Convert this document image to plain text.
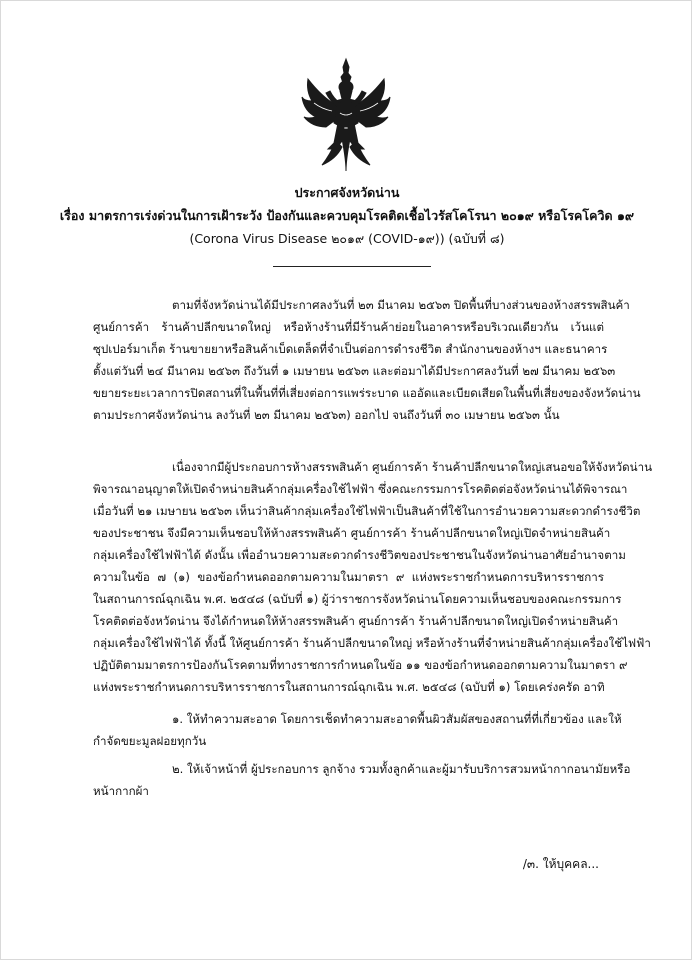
ประกาศจังหวัดน่าน
เรื่อง มาตรการเร่งด่วนในการเฝ้าระวัง ป้องกันและควบคุมโรคติดเชื้อไวรัสโคโรนา ๒๐๑๙ หรือโรคโควิด ๑๙
(Corona Virus Disease ๒๐๑๙ (COVID-๑๙)) (ฉบับที่ ๘)
ตามที่จังหวัดน่านได้มีประกาศลงวันที่ ๒๓ มีนาคม ๒๕๖๓ ปิดพื้นที่บางส่วนของห้างสรรพสินค้า
ศูนย์การค้า ร้านค้าปลีกขนาดใหญ่ หรือห้างร้านที่มีร้านค้าย่อยในอาคารหรือบริเวณเดียวกัน เว้นแต่
ซุปเปอร์มาเก็ต ร้านขายยาหรือสินค้าเบ็ดเตล็ดที่จำเป็นต่อการดำรงชีวิต สำนักงานของห้างฯ และธนาคาร
ตั้งแต่วันที่ ๒๔ มีนาคม ๒๕๖๓ ถึงวันที่ ๑ เมษายน ๒๕๖๓ และต่อมาได้มีประกาศลงวันที่ ๒๗ มีนาคม ๒๕๖๓
ขยายระยะเวลาการปิดสถานที่ในพื้นที่ที่เสี่ยงต่อการแพร่ระบาด แออัดและเบียดเสียดในพื้นที่เสี่ยงของจังหวัดน่าน
ตามประกาศจังหวัดน่าน ลงวันที่ ๒๓ มีนาคม ๒๕๖๓) ออกไป จนถึงวันที่ ๓๐ เมษายน ๒๕๖๓ นั้น
เนื่องจากมีผู้ประกอบการห้างสรรพสินค้า ศูนย์การค้า ร้านค้าปลีกขนาดใหญ่เสนอขอให้จังหวัดน่าน
พิจารณาอนุญาตให้เปิดจำหน่ายสินค้ากลุ่มเครื่องใช้ไฟฟ้า ซึ่งคณะกรรมการโรคติดต่อจังหวัดน่านได้พิจารณา
เมื่อวันที่ ๒๑ เมษายน ๒๕๖๓ เห็นว่าสินค้ากลุ่มเครื่องใช้ไฟฟ้าเป็นสินค้าที่ใช้ในการอำนวยความสะดวกดำรงชีวิต
ของประชาชน จึงมีความเห็นชอบให้ห้างสรรพสินค้า ศูนย์การค้า ร้านค้าปลีกขนาดใหญ่เปิดจำหน่ายสินค้า
กลุ่มเครื่องใช้ไฟฟ้าได้ ดังนั้น เพื่ออำนวยความสะดวกดำรงชีวิตของประชาชนในจังหวัดน่านอาศัยอำนาจตาม
ความในข้อ ๗ (๑) ของข้อกำหนดออกตามความในมาตรา ๙ แห่งพระราชกำหนดการบริหารราชการ
ในสถานการณ์ฉุกเฉิน พ.ศ. ๒๕๔๘ (ฉบับที่ ๑) ผู้ว่าราชการจังหวัดน่านโดยความเห็นชอบของคณะกรรมการ
โรคติดต่อจังหวัดน่าน จึงได้กำหนดให้ห้างสรรพสินค้า ศูนย์การค้า ร้านค้าปลีกขนาดใหญ่เปิดจำหน่ายสินค้า
กลุ่มเครื่องใช้ไฟฟ้าได้ ทั้งนี้ ให้ศูนย์การค้า ร้านค้าปลีกขนาดใหญ่ หรือห้างร้านที่จำหน่ายสินค้ากลุ่มเครื่องใช้ไฟฟ้า
ปฏิบัติตามมาตรการป้องกันโรคตามที่ทางราชการกำหนดในข้อ ๑๑ ของข้อกำหนดออกตามความในมาตรา ๙
แห่งพระราชกำหนดการบริหารราชการในสถานการณ์ฉุกเฉิน พ.ศ. ๒๕๔๘ (ฉบับที่ ๑) โดยเคร่งครัด อาทิ
๑. ให้ทำความสะอาด โดยการเช็ดทำความสะอาดพื้นผิวสัมผัสของสถานที่ที่เกี่ยวข้อง และให้
กำจัดขยะมูลฝอยทุกวัน
๒. ให้เจ้าหน้าที่ ผู้ประกอบการ ลูกจ้าง รวมทั้งลูกค้าและผู้มารับบริการสวมหน้ากากอนามัยหรือ
หน้ากากผ้า
/๓. ให้บุคคล...
